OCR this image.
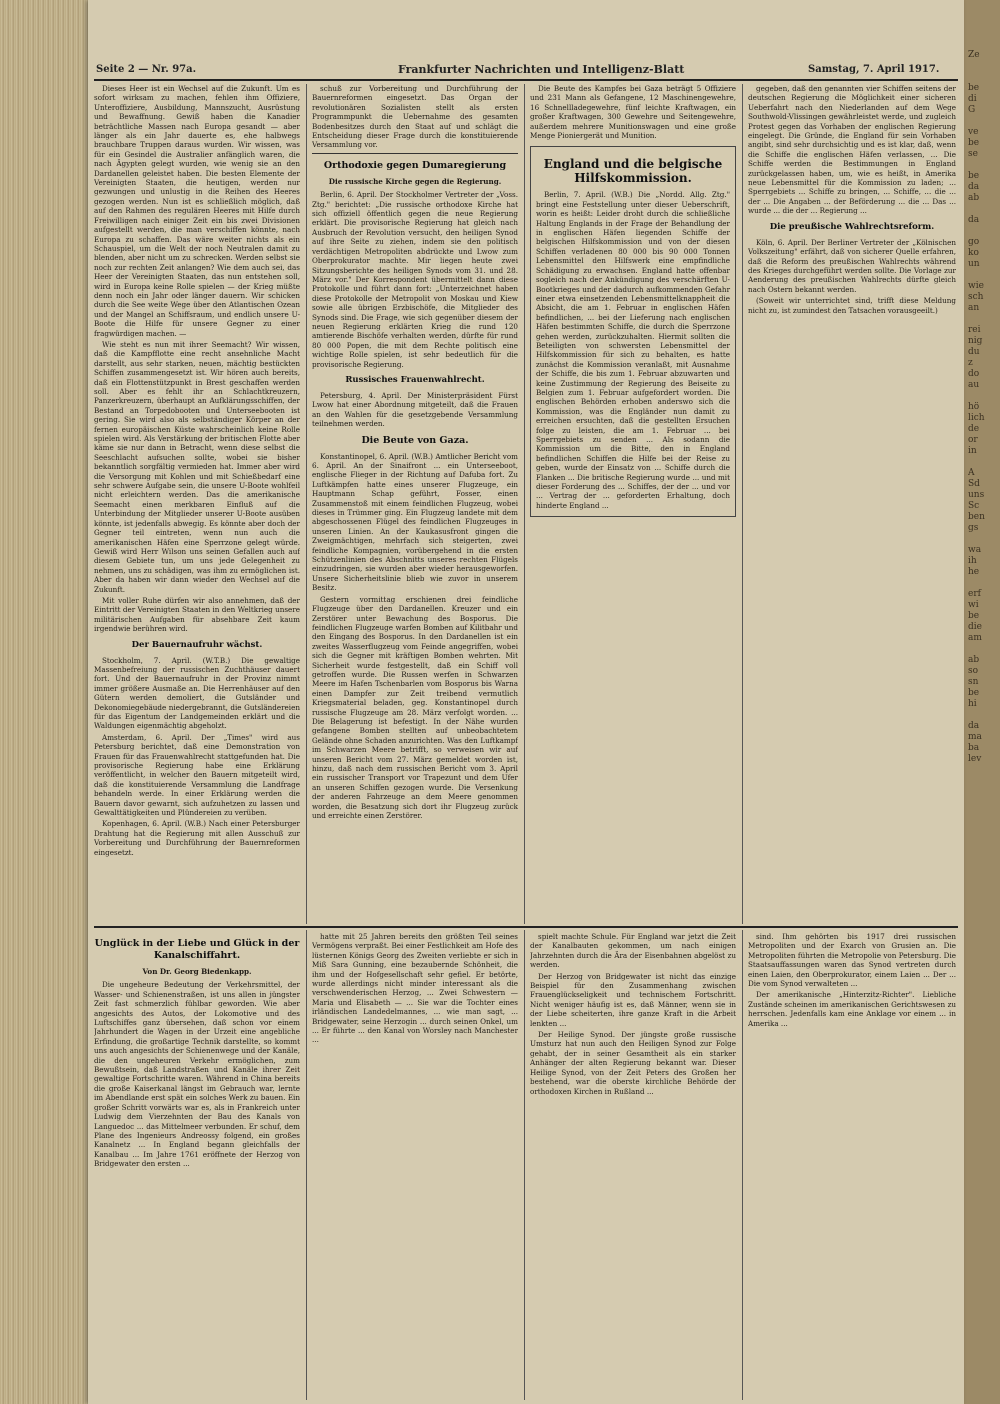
Ze

be
di
G

ve
be
se

be
da
ab

da

go
ko
un

wie
sch
an

rei
nig
du
z
do
au

hö
lich
de
or
in

A
Sd
uns
Sc
ben
gs

wa
ih
he

erf
wi
be
die
am

ab
so
sn
be
hi

da
ma
ba
lev
Seite 2 — Nr. 97a.	Frankfurter Nachrichten und Intelligenz-Blatt	Samstag, 7. April 1917.

Dieses Heer ist ein Wechsel auf die Zukunft. Um es sofort wirksam zu machen, fehlen ihm Offiziere, Unteroffiziere, Ausbildung, Mannszucht, Ausrüstung und Bewaffnung. Gewiß haben die Kanadier beträchtliche Massen nach Europa gesandt — aber länger als ein Jahr dauerte es, ehe halbwegs brauchbare Truppen daraus wurden. Wir wissen, was für ein Gesindel die Australier anfänglich waren, die nach Ägypten gelegt wurden, wie wenig sie an den Dardanellen geleistet haben. Die besten Elemente der Vereinigten Staaten, die heutigen, werden nur gezwungen und unlustig in die Reihen des Heeres gezogen werden. Nun ist es schließlich möglich, daß auf den Rahmen des regulären Heeres mit Hilfe durch Freiwilligen nach einiger Zeit ein bis zwei Divisionen aufgestellt werden, die man verschiffen könnte, nach Europa zu schaffen. Das wäre weiter nichts als ein Schauspiel, um die Welt der noch Neutralen damit zu blenden, aber nicht um zu schrecken. Werden selbst sie noch zur rechten Zeit anlangen? Wie dem auch sei, das Heer der Vereinigten Staaten, das nun entstehen soll, wird in Europa keine Rolle spielen — der Krieg müßte denn noch ein Jahr oder länger dauern. Wir schicken durch die See weite Wege über den Atlantischen Ozean und der Mangel an Schiffsraum, und endlich unsere U-Boote die Hilfe für unsere Gegner zu einer fragwürdigen machen. —

Wie steht es nun mit ihrer Seemacht? Wir wissen, daß die Kampfflotte eine recht ansehnliche Macht darstellt, aus sehr starken, neuen, mächtig bestückten Schiffen zusammengesetzt ist. Wir hören auch bereits, daß ein Flottenstützpunkt in Brest geschaffen werden soll. Aber es fehlt ihr an Schlachtkreuzern, Panzerkreuzern, überhaupt an Aufklärungsschiffen, der Bestand an Torpedobooten und Unterseebooten ist gering. Sie wird also als selbständiger Körper an der fernen europäischen Küste wahrscheinlich keine Rolle spielen wird. Als Verstärkung der britischen Flotte aber käme sie nur dann in Betracht, wenn diese selbst die Seeschlacht aufsuchen sollte, wobei sie bisher bekanntlich sorgfältig vermieden hat. Immer aber wird die Versorgung mit Kohlen und mit Schießbedarf eine sehr schwere Aufgabe sein, die unsere U-Boote wohlfeil nicht erleichtern werden. Das die amerikanische Seemacht einen merkbaren Einfluß auf die Unterbindung der Mitglieder unserer U-Boote ausüben könnte, ist jedenfalls abwegig. Es könnte aber doch der Gegner teil eintreten, wenn nun auch die amerikanischen Häfen eine Sperrzone gelegt würde. Gewiß wird Herr Wilson uns seinen Gefallen auch auf diesem Gebiete tun, um uns jede Gelegenheit zu nehmen, uns zu schädigen, was ihm zu ermöglichen ist. Aber da haben wir dann wieder den Wechsel auf die Zukunft.

Mit voller Ruhe dürfen wir also annehmen, daß der Eintritt der Vereinigten Staaten in den Weltkrieg unsere militärischen Aufgaben für absehbare Zeit kaum irgendwie berühren wird.

Der Bauernaufruhr wächst.

Stockholm, 7. April. (W.T.B.) Die gewaltige Massenbefreiung der russischen Zuchthäuser dauert fort. Und der Bauernaufruhr in der Provinz nimmt immer größere Ausmaße an. Die Herrenhäuser auf den Gütern werden demoliert, die Gutsländer und Dekonomiegebäude niedergebrannt, die Gutsländereien für das Eigentum der Landgemeinden erklärt und die Waldungen eigenmächtig abgeholzt.

Amsterdam, 6. April. Der „Times" wird aus Petersburg berichtet, daß eine Demonstration von Frauen für das Frauenwahlrecht stattgefunden hat. Die provisorische Regierung habe eine Erklärung veröffentlicht, in welcher den Bauern mitgeteilt wird, daß die konstituierende Versammlung die Landfrage behandeln werde. In einer Erklärung werden die Bauern davor gewarnt, sich aufzuhetzen zu lassen und Gewalttätigkeiten und Plündereien zu verüben.

Kopenhagen, 6. April. (W.B.) Nach einer Petersburger Drahtung hat die Regierung mit allen Ausschuß zur Vorbereitung und Durchführung der Bauernreformen eingesetzt.

schuß zur Vorbereitung und Durchführung der Bauernreformen eingesetzt. Das Organ der revolutionären Sozialisten stellt als ersten Programmpunkt die Uebernahme des gesamten Bodenbesitzes durch den Staat auf und schlägt die Entscheidung dieser Frage durch die konstituierende Versammlung vor.

Orthodoxie gegen Dumaregierung
Die russische Kirche gegen die Regierung.

Berlin, 6. April. Der Stockholmer Vertreter der „Voss. Ztg." berichtet: „Die russische orthodoxe Kirche hat sich offiziell öffentlich gegen die neue Regierung erklärt. Die provisorische Regierung hat gleich nach Ausbruch der Revolution versucht, den heiligen Synod auf ihre Seite zu ziehen, indem sie den politisch verdächtigen Metropoliten abdrückte und Lwow zum Oberprokurator machte. Mir liegen heute zwei Sitzungsberichte des heiligen Synods vom 31. und 28. März vor." Der Korrespondent übermittelt dann diese Protokolle und führt dann fort: „Unterzeichnet haben diese Protokolle der Metropolit von Moskau und Kiew sowie alle übrigen Erzbischöfe, die Mitglieder des Synods sind. Die Frage, wie sich gegenüber diesem der neuen Regierung erklärten Krieg die rund 120 amtierende Bischöfe verhalten werden, dürfte für rund 80 000 Popen, die mit dem Rechte politisch eine wichtige Rolle spielen, ist sehr bedeutlich für die provisorische Regierung.

Russisches Frauenwahlrecht.

Petersburg, 4. April. Der Ministerpräsident Fürst Lwow hat einer Abordnung mitgeteilt, daß die Frauen an den Wahlen für die gesetzgebende Versammlung teilnehmen werden.

Die Beute von Gaza.

Konstantinopel, 6. April. (W.B.) Amtlicher Bericht vom 6. April. An der Sinaifront ... ein Unterseeboot, englische Flieger in der Richtung auf Dafuba fort. Zu Luftkämpfen hatte eines unserer Flugzeuge, ein Hauptmann Schap geführt, Fosser, einen Zusammenstoß mit einem feindlichen Flugzeug, wobei dieses in Trümmer ging. Ein Flugzeug landete mit dem abgeschossenen Flügel des feindlichen Flugzeuges in unseren Linien. An der Kaukasusfront gingen die Zweigmächtigen, mehrfach sich steigerten, zwei feindliche Kompagnien, vorübergehend in die ersten Schützenlinien des Abschnitts unseres rechten Flügels einzudringen, sie wurden aber wieder herausgeworfen. Unsere Sicherheitslinie blieb wie zuvor in unserem Besitz.

Gestern vormittag erschienen drei feindliche Flugzeuge über den Dardanellen. Kreuzer und ein Zerstörer unter Bewachung des Bosporus. Die feindlichen Flugzeuge warfen Bomben auf Kilitbahr und den Eingang des Bosporus. In den Dardanellen ist ein zweites Wasserflugzeug vom Feinde angegriffen, wobei sich die Gegner mit kräftigen Bomben wehrten. Mit Sicherheit wurde festgestellt, daß ein Schiff voll getroffen wurde. Die Russen werfen in Schwarzen Meere im Hafen Tschenbarlen vom Bosporus bis Warna einen Dampfer zur Zeit treibend vermutlich Kriegsmaterial beladen, geg. Konstantinopel durch russische Flugzeuge am 28. März verfolgt worden. ... Die Belagerung ist befestigt. In der Nähe wurden gefangene Bomben stellten auf unbeobachtetem Gelände ohne Schaden anzurichten. Was den Luftkampf im Schwarzen Meere betrifft, so verweisen wir auf unseren Bericht vom 27. März gemeldet worden ist, hinzu, daß nach dem russischen Bericht vom 3. April ein russischer Transport vor Trapezunt und dem Ufer an unseren Schiffen gezogen wurde. Die Versenkung der anderen Fahrzeuge an dem Meere genommen worden, die Besatzung sich dort ihr Flugzeug zurück und erreichte einen Zerstörer.

Die Beute des Kampfes bei Gaza beträgt 5 Offiziere und 231 Mann als Gefangene, 12 Maschinengewehre, 16 Schnellladegewehre, fünf leichte Kraftwagen, ein großer Kraftwagen, 300 Gewehre und Seitengewehre, außerdem mehrere Munitionswagen und eine große Menge Pioniergerät und Munition.

England und die belgische Hilfskommission.

Berlin, 7. April. (W.B.) Die „Nordd. Allg. Ztg." bringt eine Feststellung unter dieser Ueberschrift, worin es heißt: Leider droht durch die schließliche Haltung Englands in der Frage der Behandlung der in englischen Häfen liegenden Schiffe der belgischen Hilfskommission und von der diesen Schiffen verladenen 80 000 bis 90 000 Tonnen Lebensmittel den Hilfswerk eine empfindliche Schädigung zu erwachsen. England hatte offenbar sogleich nach der Ankündigung des verschärften U-Bootkrieges und der dadurch aufkommenden Gefahr einer etwa einsetzenden Lebensmittelknappheit die Absicht, die am 1. Februar in englischen Häfen befindlichen, ... bei der Lieferung nach englischen Häfen bestimmten Schiffe, die durch die Sperrzone gehen werden, zurückzuhalten. Hiermit sollten die Beteiligten von schwersten Lebensmittel der Hilfskommission für sich zu behalten, es hatte zunächst die Kommission veranlaßt, mit Ausnahme der Schiffe, die bis zum 1. Februar abzuwarten und keine Zustimmung der Regierung des Beiseite zu Belgien zum 1. Februar aufgefordert worden. Die englischen Behörden erhoben anderswo sich die Kommission, was die Engländer nun damit zu erreichen ersuchten, daß die gestellten Ersuchen folge zu leisten, die am 1. Februar ... bei Sperrgebiets zu senden ... Als sodann die Kommission um die Bitte, den in England befindlichen Schiffen die Hilfe bei der Reise zu geben, wurde der Einsatz von ... Schiffe durch die Flanken ... Die britische Regierung wurde ... und mit dieser Forderung des ... Schiffes, der der ... und vor ... Vertrag der ... geforderten Erhaltung, doch hinderte England ...

gegeben, daß den genannten vier Schiffen seitens der deutschen Regierung die Möglichkeit einer sicheren Ueberfahrt nach den Niederlanden auf dem Wege Southwold-Vlissingen gewährleistet werde, und zugleich Protest gegen das Vorhaben der englischen Regierung eingelegt. Die Gründe, die England für sein Vorhaben angibt, sind sehr durchsichtig und es ist klar, daß, wenn die Schiffe die englischen Häfen verlassen, ... Die Schiffe werden die Bestimmungen in England zurückgelassen haben, um, wie es heißt, in Amerika neue Lebensmittel für die Kommission zu laden; ... Sperrgebiets ... Schiffe zu bringen, ... Schiffe, ... die ... der ... Die Angaben ... der Beförderung ... die ... Das ... wurde ... die der ... Regierung ...

Die preußische Wahlrechtsreform.

Köln, 6. April. Der Berliner Vertreter der „Kölnischen Volkszeitung" erfährt, daß von sicherer Quelle erfahren, daß die Reform des preußischen Wahlrechts während des Krieges durchgeführt werden sollte. Die Vorlage zur Aenderung des preußischen Wahlrechts dürfte gleich nach Ostern bekannt werden.

(Soweit wir unterrichtet sind, trifft diese Meldung nicht zu, ist zumindest den Tatsachen vorausgeeilt.)

Unglück in der Liebe und Glück in der Kanalschiffahrt.
Von Dr. Georg Biedenkapp.

Die ungeheure Bedeutung der Verkehrsmittel, der Wasser- und Schienenstraßen, ist uns allen in jüngster Zeit fast schmerzlich fühlbar geworden. Wie aber angesichts des Autos, der Lokomotive und des Luftschiffes ganz übersehen, daß schon vor einem Jahrhundert die Wagen in der Urzeit eine angebliche Erfindung, die großartige Technik darstellte, so kommt uns auch angesichts der Schienenwege und der Kanäle, die den ungeheuren Verkehr ermöglichen, zum Bewußtsein, daß Landstraßen und Kanäle ihrer Zeit gewaltige Fortschritte waren. Während in China bereits die große Kaiserkanal längst im Gebrauch war, lernte im Abendlande erst spät ein solches Werk zu bauen. Ein großer Schritt vorwärts war es, als in Frankreich unter Ludwig dem Vierzehnten der Bau des Kanals von Languedoc ... das Mittelmeer verbunden. Er schuf, dem Plane des Ingenieurs Andreossy folgend, ein großes Kanalnetz ... In England begann gleichfalls der Kanalbau ... Im Jahre 1761 eröffnete der Herzog von Bridgewater den ersten ...

hatte mit 25 Jahren bereits den größten Teil seines Vermögens verpraßt. Bei einer Festlichkeit am Hofe des lüsternen Königs Georg des Zweiten verliebte er sich in Miß Sara Gunning, eine bezaubernde Schönheit, die ihm und der Hofgesellschaft sehr gefiel. Er betörte, wurde allerdings nicht minder interessant als die verschwenderischen Herzog, ... Zwei Schwestern — Maria und Elisabeth — ... Sie war die Tochter eines irländischen Landedelmannes, ... wie man sagt, ... Bridgewater, seine Herzogin ... durch seinen Onkel, um ... Er führte ... den Kanal von Worsley nach Manchester ...

spielt machte Schule. Für England war jetzt die Zeit der Kanalbauten gekommen, um nach einigen Jahrzehnten durch die Ära der Eisenbahnen abgelöst zu werden.

Der Herzog von Bridgewater ist nicht das einzige Beispiel für den Zusammenhang zwischen Frauenglückseligkeit und technischem Fortschritt. Nicht weniger häufig ist es, daß Männer, wenn sie in der Liebe scheiterten, ihre ganze Kraft in die Arbeit lenkten ...

Der Heilige Synod. Der jüngste große russische Umsturz hat nun auch den Heiligen Synod zur Folge gehabt, der in seiner Gesamtheit als ein starker Anhänger der alten Regierung bekannt war. Dieser Heilige Synod, von der Zeit Peters des Großen her bestehend, war die oberste kirchliche Behörde der orthodoxen Kirchen in Rußland ...

sind. Ihm gehörten bis 1917 drei russischen Metropoliten und der Exarch von Grusien an. Die Metropoliten führten die Metropolie von Petersburg. Die Staatsauffassungen waren das Synod vertreten durch einen Laien, den Oberprokurator, einem Laien ... Der ... Die vom Synod verwalteten ...

Der amerikanische „Hinterzitz-Richter". Liebliche Zustände scheinen im amerikanischen Gerichtswesen zu herrschen. Jedenfalls kam eine Anklage vor einem ... in Amerika ...
